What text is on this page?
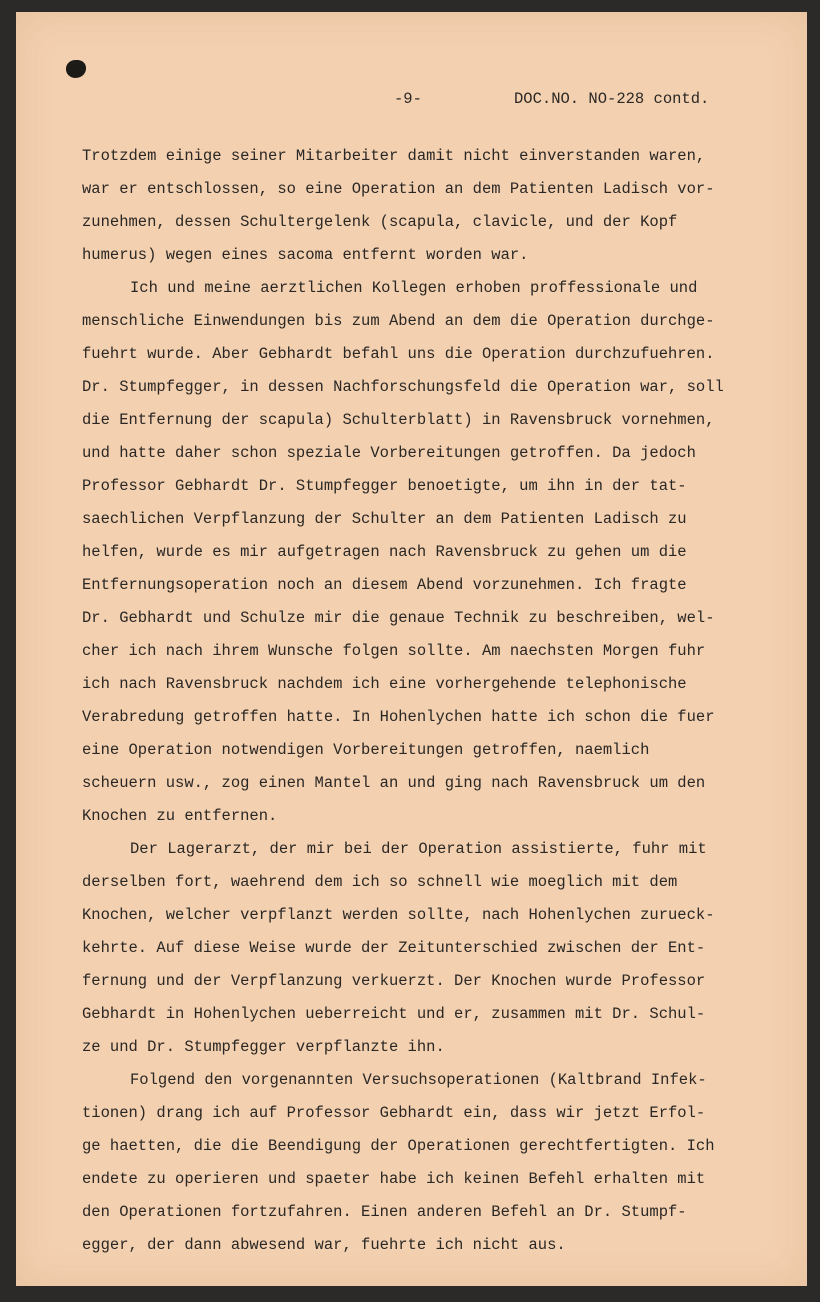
-9-	DOC.NO. NO-228 contd.
Trotzdem einige seiner Mitarbeiter damit nicht einverstanden waren,
war er entschlossen, so eine Operation an dem Patienten Ladisch vor-
zunehmen, dessen Schultergelenk (scapula, clavicle, und der Kopf
humerus) wegen eines sacoma entfernt worden war.
Ich und meine aerztlichen Kollegen erhoben proffessionale und
menschliche Einwendungen bis zum Abend an dem die Operation durchge-
fuehrt wurde. Aber Gebhardt befahl uns die Operation durchzufuehren.
Dr. Stumpfegger, in dessen Nachforschungsfeld die Operation war, soll
die Entfernung der scapula) Schulterblatt) in Ravensbruck vornehmen,
und hatte daher schon speziale Vorbereitungen getroffen. Da jedoch
Professor Gebhardt Dr. Stumpfegger benoetigte, um ihn in der tat-
saechlichen Verpflanzung der Schulter an dem Patienten Ladisch zu
helfen, wurde es mir aufgetragen nach Ravensbruck zu gehen um die
Entfernungsoperation noch an diesem Abend vorzunehmen. Ich fragte
Dr. Gebhardt und Schulze mir die genaue Technik zu beschreiben, wel-
cher ich nach ihrem Wunsche folgen sollte. Am naechsten Morgen fuhr
ich nach Ravensbruck nachdem ich eine vorhergehende telephonische
Verabredung getroffen hatte. In Hohenlychen hatte ich schon die fuer
eine Operation notwendigen Vorbereitungen getroffen, naemlich
scheuern usw., zog einen Mantel an und ging nach Ravensbruck um den
Knochen zu entfernen.
Der Lagerarzt, der mir bei der Operation assistierte, fuhr mit
derselben fort, waehrend dem ich so schnell wie moeglich mit dem
Knochen, welcher verpflanzt werden sollte, nach Hohenlychen zurueck-
kehrte. Auf diese Weise wurde der Zeitunterschied zwischen der Ent-
fernung und der Verpflanzung verkuerzt. Der Knochen wurde Professor
Gebhardt in Hohenlychen ueberreicht und er, zusammen mit Dr. Schul-
ze und Dr. Stumpfegger verpflanzte ihn.
Folgend den vorgenannten Versuchsoperationen (Kaltbrand Infek-
tionen) drang ich auf Professor Gebhardt ein, dass wir jetzt Erfol-
ge haetten, die die Beendigung der Operationen gerechtfertigten. Ich
endete zu operieren und spaeter habe ich keinen Befehl erhalten mit
den Operationen fortzufahren. Einen anderen Befehl an Dr. Stumpf-
egger, der dann abwesend war, fuehrte ich nicht aus.
